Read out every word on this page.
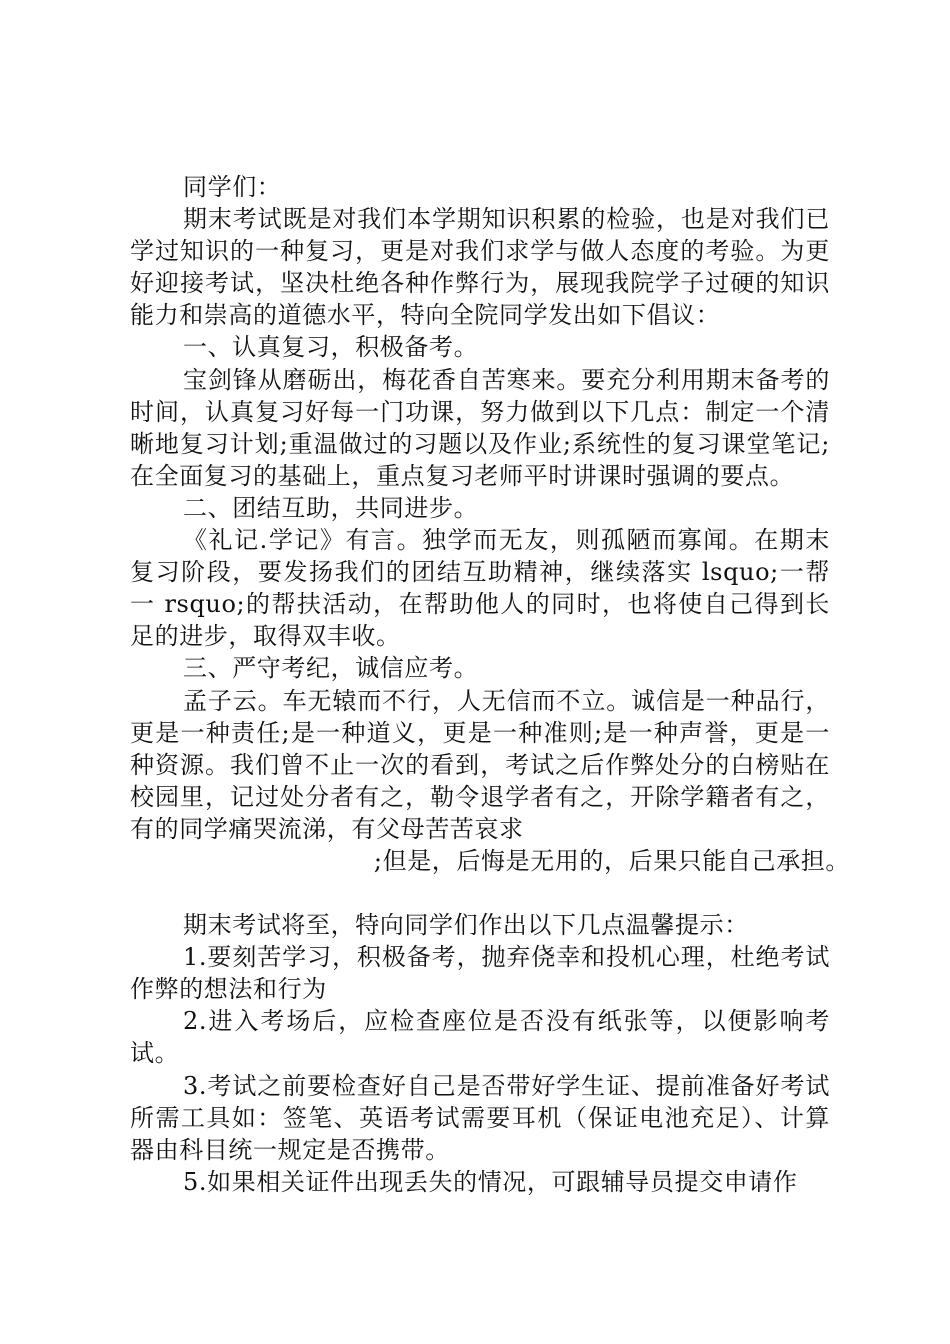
同学们：

期末考试既是对我们本学期知识积累的检验，也是对我们已学过知识的一种复习，更是对我们求学与做人态度的考验。为更好迎接考试，坚决杜绝各种作弊行为，展现我院学子过硬的知识能力和崇高的道德水平，特向全院同学发出如下倡议：

一、认真复习，积极备考。

宝剑锋从磨砺出，梅花香自苦寒来。要充分利用期末备考的时间，认真复习好每一门功课，努力做到以下几点：制定一个清晰地复习计划;重温做过的习题以及作业;系统性的复习课堂笔记;在全面复习的基础上，重点复习老师平时讲课时强调的要点。

二、团结互助，共同进步。

《礼记.学记》有言。独学而无友，则孤陋而寡闻。在期末复习阶段，要发扬我们的团结互助精神，继续落实 lsquo;一帮一 rsquo;的帮扶活动，在帮助他人的同时，也将使自己得到长足的进步，取得双丰收。

三、严守考纪，诚信应考。

孟子云。车无辕而不行，人无信而不立。诚信是一种品行，更是一种责任;是一种道义，更是一种准则;是一种声誉，更是一种资源。我们曾不止一次的看到，考试之后作弊处分的白榜贴在校园里，记过处分者有之，勒令退学者有之，开除学籍者有之，有的同学痛哭流涕，有父母苦苦哀求

;但是，后悔是无用的，后果只能自己承担。

期末考试将至，特向同学们作出以下几点温馨提示：

1.要刻苦学习，积极备考，抛弃侥幸和投机心理，杜绝考试作弊的想法和行为

2.进入考场后，应检查座位是否没有纸张等，以便影响考试。

3.考试之前要检查好自己是否带好学生证、提前准备好考试所需工具如：签笔、英语考试需要耳机（保证电池充足）、计算器由科目统一规定是否携带。

5.如果相关证件出现丢失的情况，可跟辅导员提交申请作
